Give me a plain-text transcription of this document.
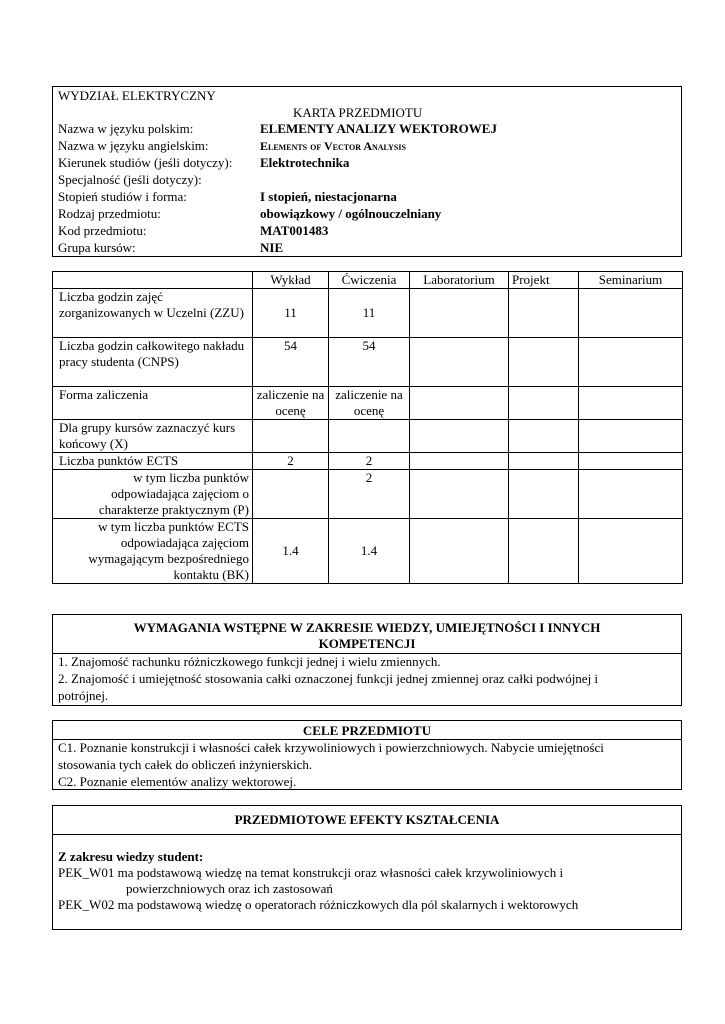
WYDZIAŁ ELEKTRYCZNY
KARTA PRZEDMIOTU
Nazwa w języku polskim:	ELEMENTY ANALIZY WEKTOROWEJ
Nazwa w języku angielskim:	Elements of Vector Analysis
Kierunek studiów (jeśli dotyczy): Elektrotechnika
Specjalność (jeśli dotyczy):
Stopień studiów i forma:	I stopień, niestacjonarna
Rodzaj przedmiotu:	obowiązkowy / ogólnouczelniany
Kod przedmiotu:	MAT001483
Grupa kursów:	NIE
	Wykład	Ćwiczenia	Laboratorium	Projekt	Seminarium
Liczba godzin zajęć zorganizowanych w Uczelni (ZZU)	11	11			
Liczba godzin całkowitego nakładu pracy studenta (CNPS)	54	54			
Forma zaliczenia	zaliczenie na ocenę	zaliczenie na ocenę			
Dla grupy kursów zaznaczyć kurs końcowy (X)					
Liczba punktów ECTS	2	2			
w tym liczba punktów odpowiadająca zajęciom o charakterze praktycznym (P)		2			
w tym liczba punktów ECTS odpowiadająca zajęciom wymagającym bezpośredniego kontaktu (BK)	1.4	1.4			
WYMAGANIA WSTĘPNE W ZAKRESIE WIEDZY, UMIEJĘTNOŚCI I INNYCH
KOMPETENCJI
1. Znajomość rachunku różniczkowego funkcji jednej i wielu zmiennych.
2. Znajomość i umiejętność stosowania całki oznaczonej funkcji jednej zmiennej oraz całki podwójnej i
potrójnej.
CELE PRZEDMIOTU
C1. Poznanie konstrukcji i własności całek krzywoliniowych i powierzchniowych. Nabycie umiejętności
stosowania tych całek do obliczeń inżynierskich.
C2. Poznanie elementów analizy wektorowej.
PRZEDMIOTOWE EFEKTY KSZTAŁCENIA
Z zakresu wiedzy student:
PEK_W01 ma podstawową wiedzę na temat konstrukcji oraz własności całek krzywoliniowych i
powierzchniowych oraz ich zastosowań
PEK_W02 ma podstawową wiedzę o operatorach różniczkowych dla pól skalarnych i wektorowych
